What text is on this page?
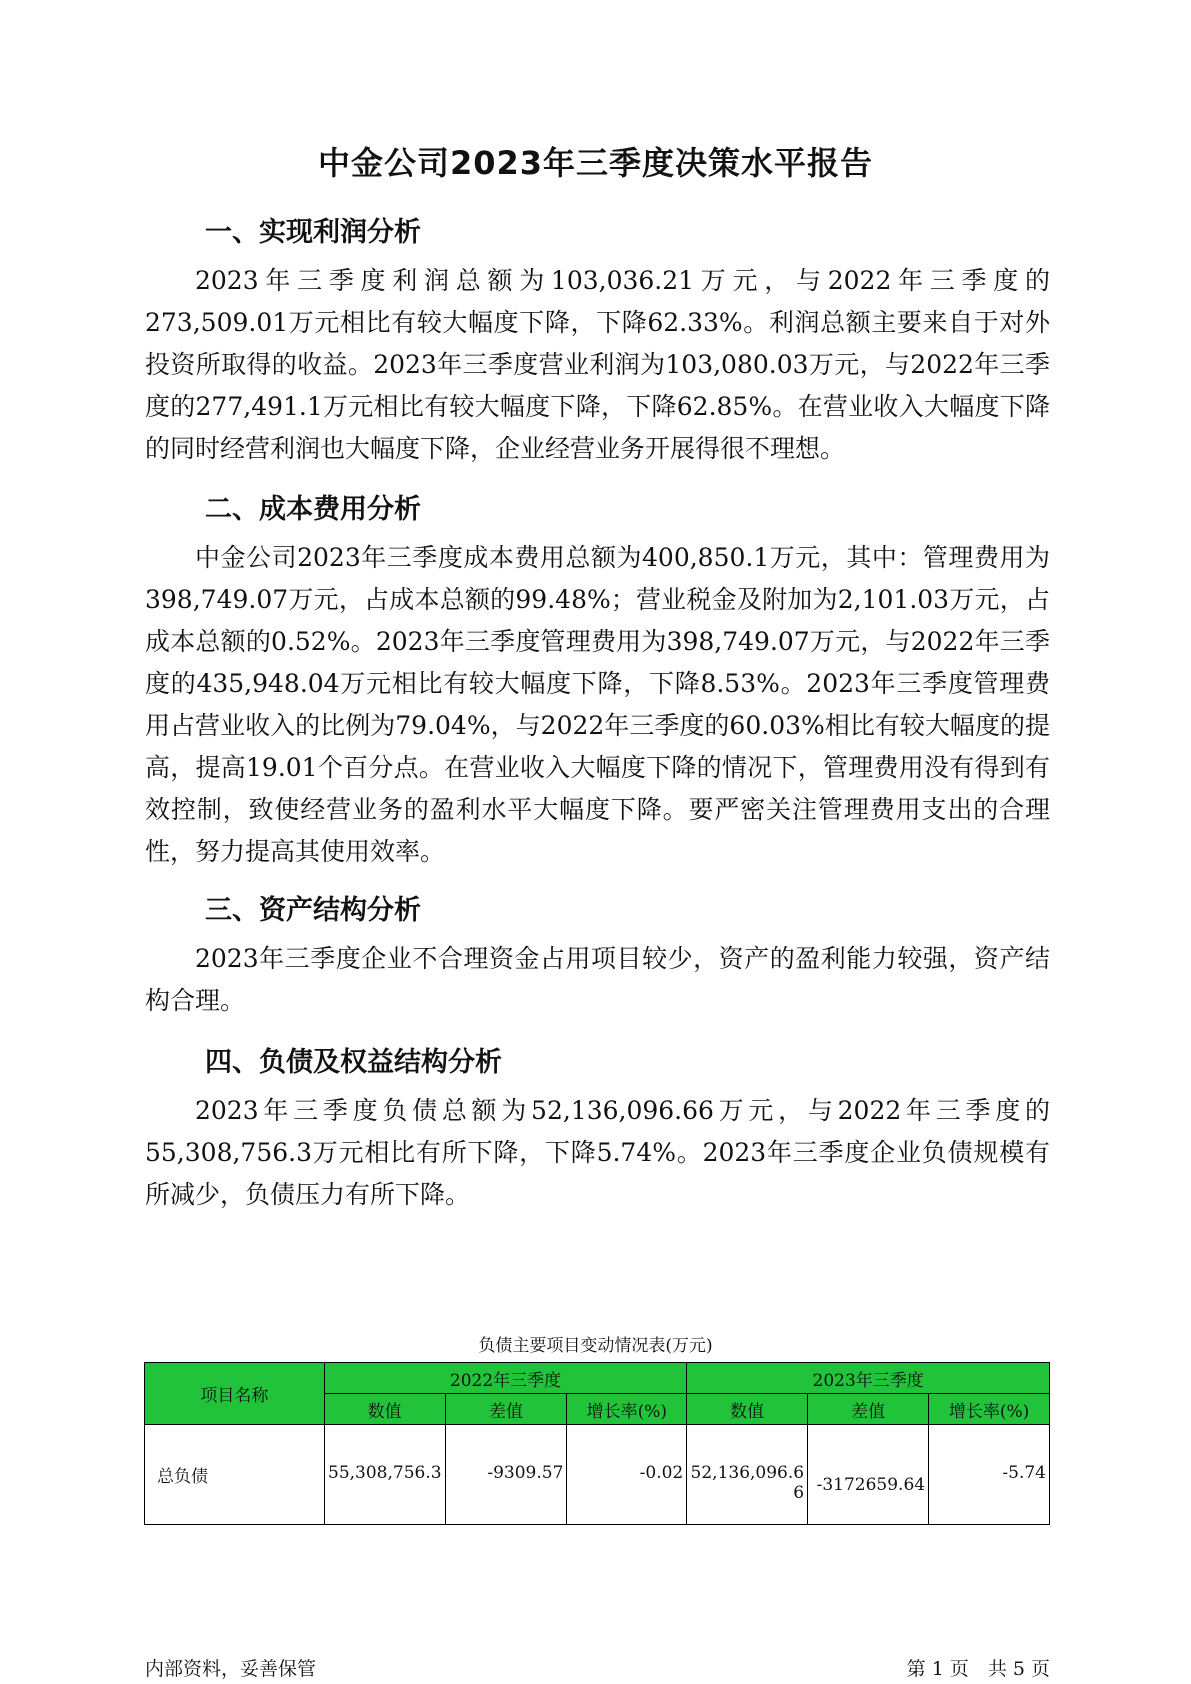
中金公司2023年三季度决策水平报告
一、实现利润分析

2023年三季度利润总额为103,036.21万元，与2022年三季度的273,509.01万元相比有较大幅度下降，下降62.33%。利润总额主要来自于对外投资所取得的收益。2023年三季度营业利润为103,080.03万元，与2022年三季度的277,491.1万元相比有较大幅度下降，下降62.85%。在营业收入大幅度下降的同时经营利润也大幅度下降，企业经营业务开展得很不理想。

二、成本费用分析

中金公司2023年三季度成本费用总额为400,850.1万元，其中：管理费用为398,749.07万元，占成本总额的99.48%；营业税金及附加为2,101.03万元，占成本总额的0.52%。2023年三季度管理费用为398,749.07万元，与2022年三季度的435,948.04万元相比有较大幅度下降，下降8.53%。2023年三季度管理费用占营业收入的比例为79.04%，与2022年三季度的60.03%相比有较大幅度的提高，提高19.01个百分点。在营业收入大幅度下降的情况下，管理费用没有得到有效控制，致使经营业务的盈利水平大幅度下降。要严密关注管理费用支出的合理性，努力提高其使用效率。

三、资产结构分析

2023年三季度企业不合理资金占用项目较少，资产的盈利能力较强，资产结构合理。

四、负债及权益结构分析

2023年三季度负债总额为52,136,096.66万元，与2022年三季度的55,308,756.3万元相比有所下降，下降5.74%。2023年三季度企业负债规模有所减少，负债压力有所下降。

负债主要项目变动情况表(万元)
项目名称	2022年三季度			2023年三季度		
	数值	差值	增长率(%)	数值	差值	增长率(%)
总负债	55,308,756.3	-9309.57	-0.02	52,136,096.66	-3172659.64	-5.74
内部资料，妥善保管	第 1 页　共 5 页
